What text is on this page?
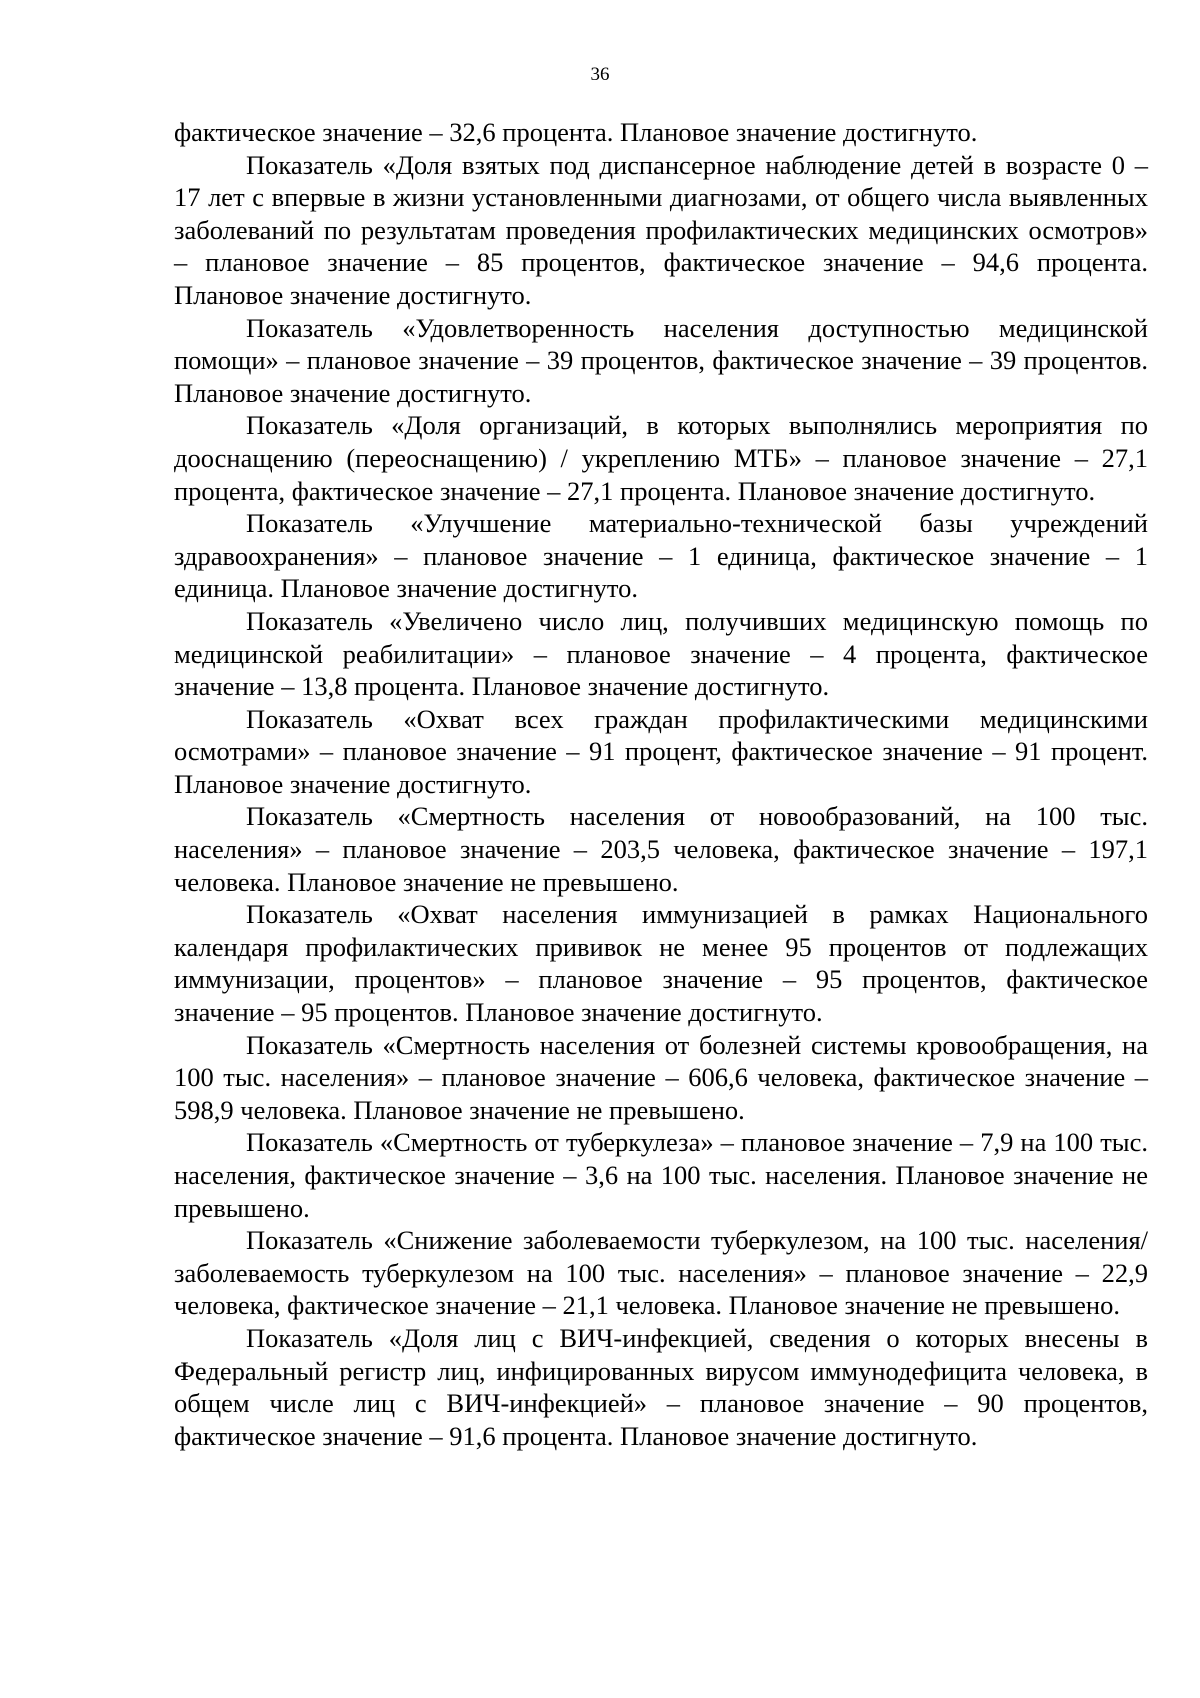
36

фактическое значение – 32,6 процента. Плановое значение достигнуто.

Показатель «Доля взятых под диспансерное наблюдение детей в возрасте 0 – 17 лет с впервые в жизни установленными диагнозами, от общего числа выявленных заболеваний по результатам проведения профилактических медицинских осмотров» – плановое значение – 85 процентов, фактическое значение – 94,6 процента. Плановое значение достигнуто.

Показатель «Удовлетворенность населения доступностью медицинской помощи» – плановое значение – 39 процентов, фактическое значение – 39 процентов. Плановое значение достигнуто.

Показатель «Доля организаций, в которых выполнялись мероприятия по дооснащению (переоснащению) / укреплению МТБ» – плановое значение – 27,1 процента, фактическое значение – 27,1 процента. Плановое значение достигнуто.

Показатель «Улучшение материально-технической базы учреждений здравоохранения» – плановое значение – 1 единица, фактическое значение – 1 единица. Плановое значение достигнуто.

Показатель «Увеличено число лиц, получивших медицинскую помощь по медицинской реабилитации» – плановое значение – 4 процента, фактическое значение – 13,8 процента. Плановое значение достигнуто.

Показатель «Охват всех граждан профилактическими медицинскими осмотрами» – плановое значение – 91 процент, фактическое значение – 91 процент. Плановое значение достигнуто.

Показатель «Смертность населения от новообразований, на 100 тыс. населения» – плановое значение – 203,5 человека, фактическое значение – 197,1 человека. Плановое значение не превышено.

Показатель «Охват населения иммунизацией в рамках Национального календаря профилактических прививок не менее 95 процентов от подлежащих иммунизации, процентов» – плановое значение – 95 процентов, фактическое значение – 95 процентов. Плановое значение достигнуто.

Показатель «Смертность населения от болезней системы кровообращения, на 100 тыс. населения» – плановое значение – 606,6 человека, фактическое значение – 598,9 человека. Плановое значение не превышено.

Показатель «Смертность от туберкулеза» – плановое значение – 7,9 на 100 тыс. населения, фактическое значение – 3,6 на 100 тыс. населения. Плановое значение не превышено.

Показатель «Снижение заболеваемости туберкулезом, на 100 тыс. населения/ заболеваемость туберкулезом на 100 тыс. населения» – плановое значение – 22,9 человека, фактическое значение – 21,1 человека. Плановое значение не превышено.

Показатель «Доля лиц с ВИЧ-инфекцией, сведения о которых внесены в Федеральный регистр лиц, инфицированных вирусом иммунодефицита человека, в общем числе лиц с ВИЧ-инфекцией» – плановое значение – 90 процентов, фактическое значение – 91,6 процента. Плановое значение достигнуто.
